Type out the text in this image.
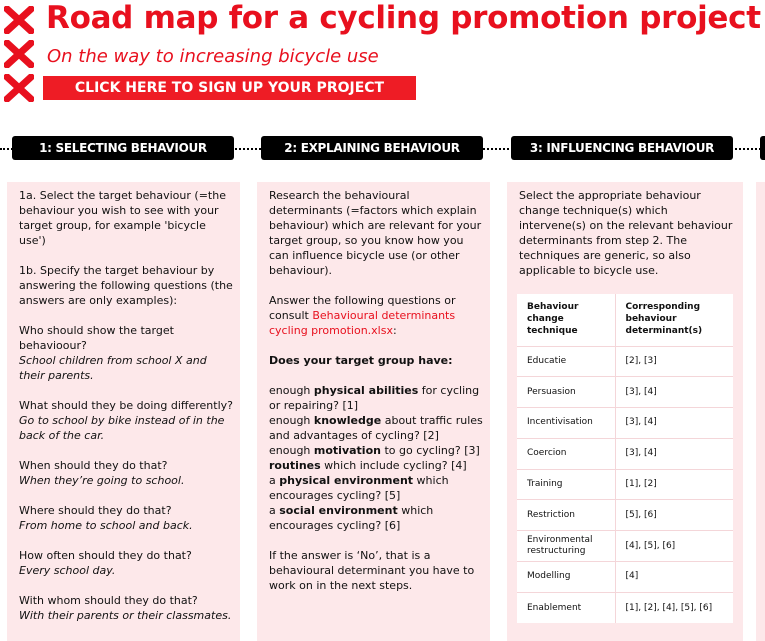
Road map for a cycling promotion project
On the way to increasing bicycle use
CLICK HERE TO SIGN UP YOUR PROJECT
1: SELECTING BEHAVIOUR	2: EXPLAINING BEHAVIOUR	3: INFLUENCING BEHAVIOUR

1a. Select the target behaviour (=the behaviour you wish to see with your target group, for example 'bicycle use')

1b. Specify the target behaviour by answering the following questions (the answers are only examples):

Who should show the target behavioour?

School children from school X and their parents.

What should they be doing differently?

Go to school by bike instead of in the back of the car.

When should they do that?

When they’re going to school.

Where should they do that?

From home to school and back.

How often should they do that?

Every school day.

With whom should they do that?

With their parents or their classmates.

Research the behavioural determinants (=factors which explain behaviour) which are relevant for your target group, so you know how you can influence bicycle use (or other behaviour).

Answer the following questions or consult Behavioural determinants cycling promotion.xlsx:

Does your target group have:

enough physical abilities for cycling or repairing? [1]

enough knowledge about traffic rules and advantages of cycling? [2]

enough motivation to go cycling? [3]

routines which include cycling? [4]

a physical environment which encourages cycling? [5]

a social environment which encourages cycling? [6]

If the answer is ‘No’, that is a behavioural determinant you have to work on in the next steps.

Select the appropriate behaviour change technique(s) which intervene(s) on the relevant behaviour determinants from step 2. The techniques are generic, so also applicable to bicycle use.

Behaviour change technique	Corresponding behaviour determinant(s)
Educatie	[2], [3]
Persuasion	[3], [4]
Incentivisation	[3], [4]
Coercion	[3], [4]
Training	[1], [2]
Restriction	[5], [6]
Environmental restructuring	[4], [5], [6]
Modelling	[4]
Enablement	[1], [2], [4], [5], [6]
